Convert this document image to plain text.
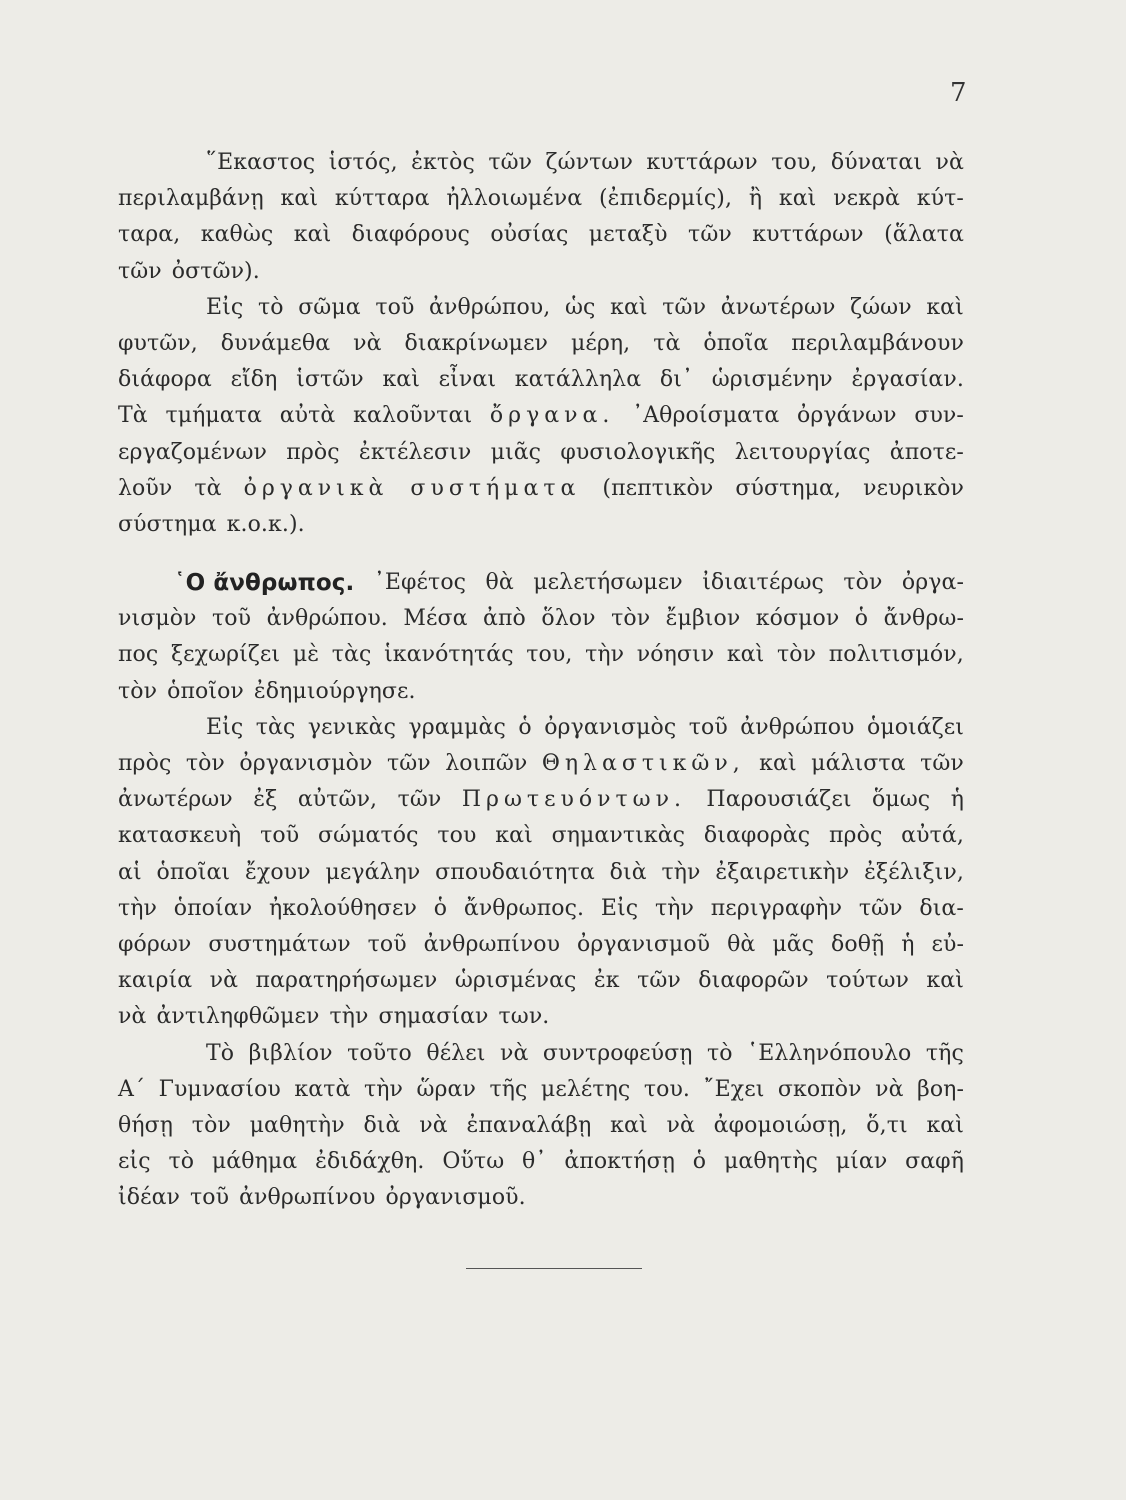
7
῞Εκαστος ἱστός, ἐκτὸς τῶν ζώντων κυττάρων του, δύναται νὰ
περιλαμβάνῃ καὶ κύτταρα ἠλλοιωμένα (ἐπιδερμίς), ἢ καὶ νεκρὰ κύτ-
ταρα, καθὼς καὶ διαφόρους οὐσίας μεταξὺ τῶν κυττάρων (ἅλατα
τῶν ὀστῶν).
Εἰς τὸ σῶμα τοῦ ἀνθρώπου, ὡς καὶ τῶν ἀνωτέρων ζώων καὶ
φυτῶν, δυνάμεθα νὰ διακρίνωμεν μέρη, τὰ ὁποῖα περιλαμβάνουν
διάφορα εἴδη ἱστῶν καὶ εἶναι κατάλληλα δι᾽ ὡρισμένην ἐργασίαν.
Τὰ τμήματα αὐτὰ καλοῦνται ὄργανα. ᾽Αθροίσματα ὀργάνων συν-
εργαζομένων πρὸς ἐκτέλεσιν μιᾶς φυσιολογικῆς λειτουργίας ἀποτε-
λοῦν τὰ ὀργανικὰ συστήματα (πεπτικὸν σύστημα, νευρικὸν
σύστημα κ.ο.κ.).
῾Ο ἄνθρωπος. ᾽Εφέτος θὰ μελετήσωμεν ἰδιαιτέρως τὸν ὀργα-
νισμὸν τοῦ ἀνθρώπου. Μέσα ἀπὸ ὅλον τὸν ἔμβιον κόσμον ὁ ἄνθρω-
πος ξεχωρίζει μὲ τὰς ἱκανότητάς του, τὴν νόησιν καὶ τὸν πολιτισμόν,
τὸν ὁποῖον ἐδημιούργησε.
Εἰς τὰς γενικὰς γραμμὰς ὁ ὀργανισμὸς τοῦ ἀνθρώπου ὁμοιάζει
πρὸς τὸν ὀργανισμὸν τῶν λοιπῶν Θηλαστικῶν, καὶ μάλιστα τῶν
ἀνωτέρων ἐξ αὐτῶν, τῶν Πρωτευόντων. Παρουσιάζει ὅμως ἡ
κατασκευὴ τοῦ σώματός του καὶ σημαντικὰς διαφορὰς πρὸς αὐτά,
αἱ ὁποῖαι ἔχουν μεγάλην σπουδαιότητα διὰ τὴν ἐξαιρετικὴν ἐξέλιξιν,
τὴν ὁποίαν ἠκολούθησεν ὁ ἄνθρωπος. Εἰς τὴν περιγραφὴν τῶν δια-
φόρων συστημάτων τοῦ ἀνθρωπίνου ὀργανισμοῦ θὰ μᾶς δοθῇ ἡ εὐ-
καιρία νὰ παρατηρήσωμεν ὡρισμένας ἐκ τῶν διαφορῶν τούτων καὶ
νὰ ἀντιληφθῶμεν τὴν σημασίαν των.
Τὸ βιβλίον τοῦτο θέλει νὰ συντροφεύσῃ τὸ ῾Ελληνόπουλο τῆς
Α΄ Γυμνασίου κατὰ τὴν ὥραν τῆς μελέτης του. ῎Εχει σκοπὸν νὰ βοη-
θήσῃ τὸν μαθητὴν διὰ νὰ ἐπαναλάβῃ καὶ νὰ ἀφομοιώσῃ, ὅ,τι καὶ
εἰς τὸ μάθημα ἐδιδάχθη. Οὕτω θ᾽ ἀποκτήσῃ ὁ μαθητὴς μίαν σαφῆ
ἰδέαν τοῦ ἀνθρωπίνου ὀργανισμοῦ.
